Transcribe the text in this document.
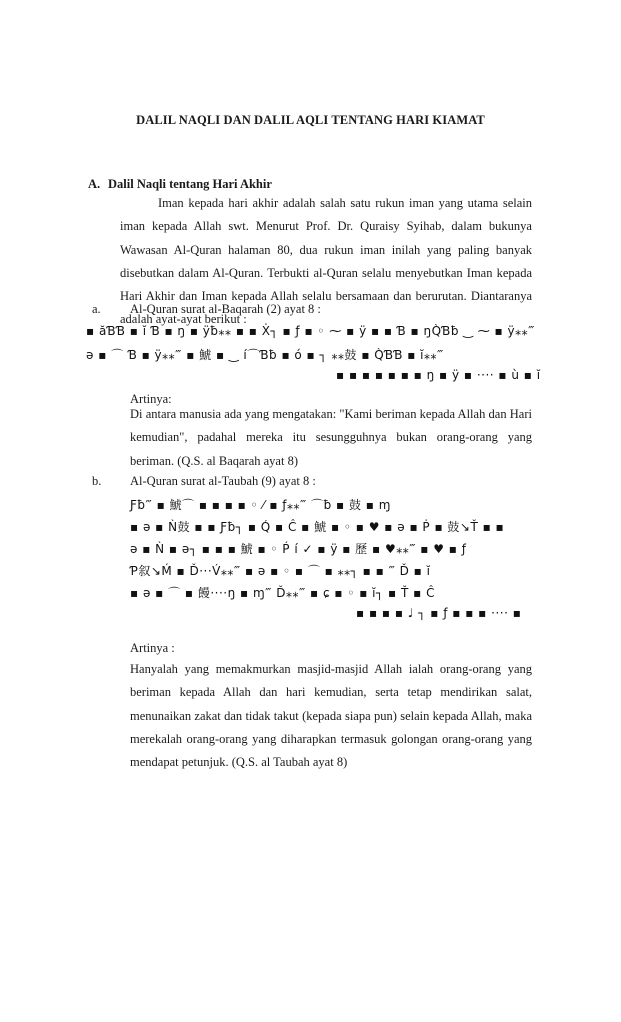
DALIL NAQLI DAN DALIL AQLI TENTANG HARI KIAMAT
A. Dalil Naqli tentang Hari Akhir
Iman kepada hari akhir adalah salah satu rukun iman yang utama selain iman kepada Allah swt. Menurut Prof. Dr. Quraisy Syihab, dalam bukunya Wawasan Al-Quran halaman 80, dua rukun iman inilah yang paling banyak disebutkan dalam Al-Quran. Terbukti al-Quran selalu menyebutkan Iman kepada Hari Akhir dan Iman kepada Allah selalu bersamaan dan berurutan. Diantaranya adalah ayat-ayat berikut :
a. Al-Quran surat al-Baqarah (2) ayat 8 :
▪ ăƁƁ ▪ ĭ Ɓ ▪ ŋ ▪ ÿƀ⁎⁎ ▪ ▪ Ẋ┐ ▪ ƒ ▪ ◦ ⁓ ▪ ÿ ▪ ▪ Ɓ ▪ ŋQ̀Ɓƀ ‿ ⁓ ▪ ÿ⁎⁎‴
ə ▪ ⌒ Ɓ ▪ ÿ⁎⁎‴ ▪ 鯱 ▪ ‿ í⌒Ɓƀ ▪ ó ▪ ┐ ⁎⁎鼓 ▪ Q̀ƁƁ ▪ ĭ⁎⁎‴
▪ ▪ ▪ ▪ ▪ ▪ ▪ ŋ ▪ ÿ ▪ ···· ▪ ù ▪ ĭ
Artinya:
Di antara manusia ada yang mengatakan: "Kami beriman kepada Allah dan Hari kemudian", padahal mereka itu sesungguhnya bukan orang-orang yang beriman. (Q.S. al Baqarah ayat 8)
b. Al-Quran surat al-Taubah (9) ayat 8 :
Ƒƀ‴ ▪ 鯱⌒ ▪ ▪ ▪ ▪ ◦ ⁄ ▪ ƒ⁎⁎‴ ⌒ƀ ▪ 鼓 ▪ ɱ
▪ ə ▪ Ǹ鼓 ▪ ▪ Ƒƀ┐ ▪ Q́ ▪ Ĉ ▪ 鯱 ▪ ◦ ▪ ♥ ▪ ə ▪ Ṗ ▪ 鼓↘Ť ▪ ▪
ə ▪ Ǹ ▪ ə┐ ▪ ▪ ▪ 鯱 ▪ ◦ Ṕ í ✓ ▪ ÿ ▪ 歷 ▪ ♥⁎⁎‴ ▪ ♥ ▪ ƒ
Ƥ叙↘Ḿ ▪ Ď···V́⁎⁎‴ ▪ ə ▪ ◦ ▪ ⌒ ▪ ⁎⁎┐ ▪ ▪ ‴ Ď ▪ ĭ
▪ ə ▪ ⌒ ▪ 饅····ŋ ▪ ɱ‴ Ď⁎⁎‴ ▪ ɕ ▪ ◦ ▪ ĭ┐ ▪ Ť ▪ Ĉ
▪ ▪ ▪ ▪ ♩ ┐ ▪ ƒ ▪ ▪ ▪ ···· ▪
Artinya :
Hanyalah yang memakmurkan masjid-masjid Allah ialah orang-orang yang beriman kepada Allah dan hari kemudian, serta tetap mendirikan salat, menunaikan zakat dan tidak takut (kepada siapa pun) selain kepada Allah, maka merekalah orang-orang yang diharapkan termasuk golongan orang-orang yang mendapat petunjuk. (Q.S. al Taubah ayat 8)
